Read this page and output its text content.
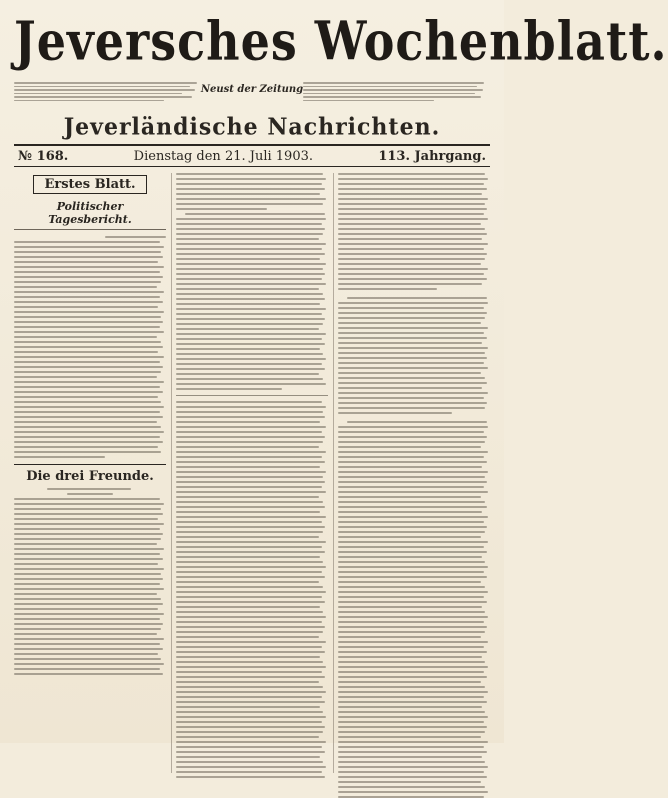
Jeversches Wochenblatt.
Neust der Zeitung
Jeverländische Nachrichten.
№ 168.	Dienstag den 21. Juli 1903.	113. Jahrgang.
Erstes Blatt.
Politischer Tagesbericht.
Die drei Freunde.
